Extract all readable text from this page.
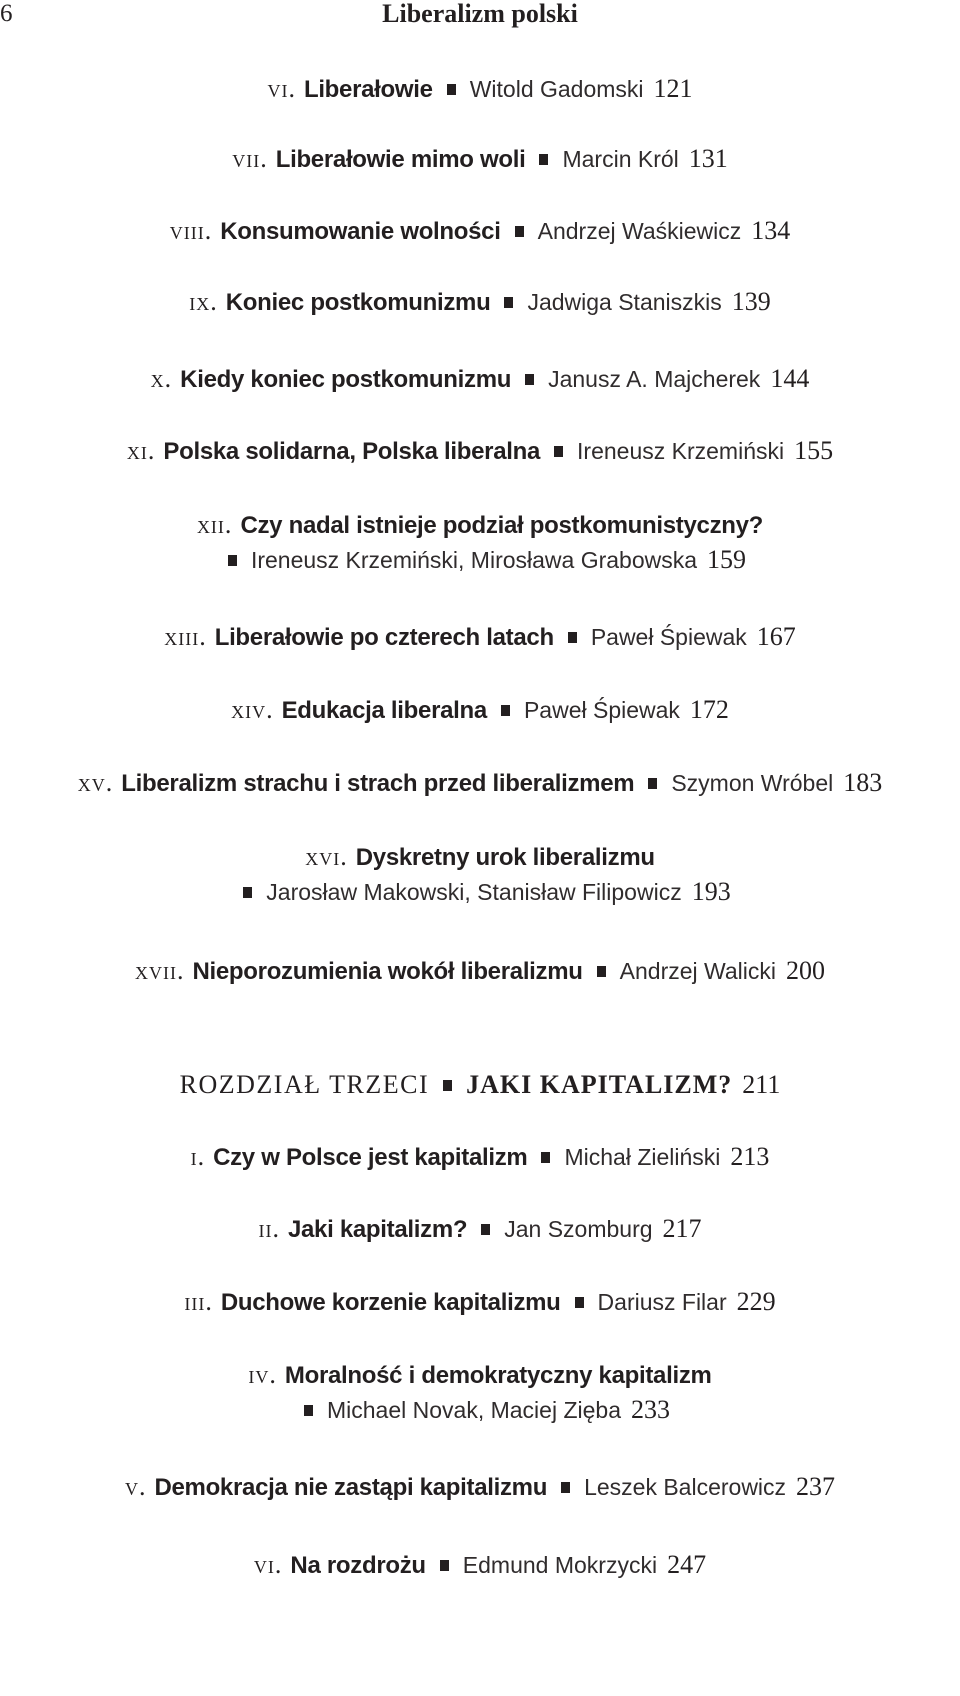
6	Liberalizm polski
vi. Liberałowie Witold Gadomski 121
vii. Liberałowie mimo woli Marcin Król 131
viii. Konsumowanie wolności Andrzej Waśkiewicz 134
ix. Koniec postkomunizmu Jadwiga Staniszkis 139
x. Kiedy koniec postkomunizmu Janusz A. Majcherek 144
xi. Polska solidarna, Polska liberalna Ireneusz Krzemiński 155
xii. Czy nadal istnieje podział postkomunistyczny?
Ireneusz Krzemiński, Mirosława Grabowska 159
xiii. Liberałowie po czterech latach Paweł Śpiewak 167
xiv. Edukacja liberalna Paweł Śpiewak 172
xv. Liberalizm strachu i strach przed liberalizmem Szymon Wróbel 183
xvi. Dyskretny urok liberalizmu
Jarosław Makowski, Stanisław Filipowicz 193
xvii. Nieporozumienia wokół liberalizmu Andrzej Walicki 200
ROZDZIAŁ TRZECI JAKI KAPITALIZM? 211
i. Czy w Polsce jest kapitalizm Michał Zieliński 213
ii. Jaki kapitalizm? Jan Szomburg 217
iii. Duchowe korzenie kapitalizmu Dariusz Filar 229
iv. Moralność i demokratyczny kapitalizm
Michael Novak, Maciej Zięba 233
v. Demokracja nie zastąpi kapitalizmu Leszek Balcerowicz 237
vi. Na rozdrożu Edmund Mokrzycki 247
